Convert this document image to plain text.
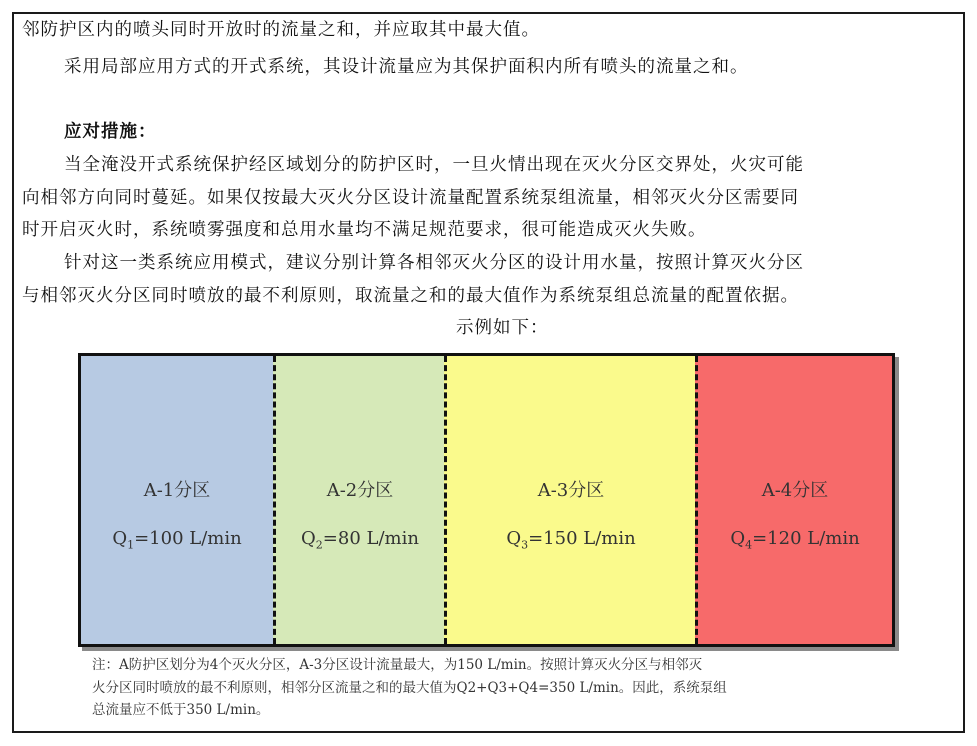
邻防护区内的喷头同时开放时的流量之和，并应取其中最大值。
采用局部应用方式的开式系统，其设计流量应为其保护面积内所有喷头的流量之和。
应对措施：
当全淹没开式系统保护经区域划分的防护区时，一旦火情出现在灭火分区交界处，火灾可能
向相邻方向同时蔓延。如果仅按最大灭火分区设计流量配置系统泵组流量，相邻灭火分区需要同
时开启灭火时，系统喷雾强度和总用水量均不满足规范要求，很可能造成灭火失败。
针对这一类系统应用模式，建议分别计算各相邻灭火分区的设计用水量，按照计算灭火分区
与相邻灭火分区同时喷放的最不利原则，取流量之和的最大值作为系统泵组总流量的配置依据。
示例如下：
A-1分区
$Q_1=100$ L/min
A-2分区
$Q_2=80$ L/min
A-3分区
$Q_3=150$ L/min
A-4分区
$Q_4=120$ L/min
注：A防护区划分为4个灭火分区，A-3分区设计流量最大，为150 L/min。按照计算灭火分区与相邻灭
火分区同时喷放的最不利原则，相邻分区流量之和的最大值为Q2+Q3+Q4=350 L/min。因此，系统泵组
总流量应不低于350 L/min。
